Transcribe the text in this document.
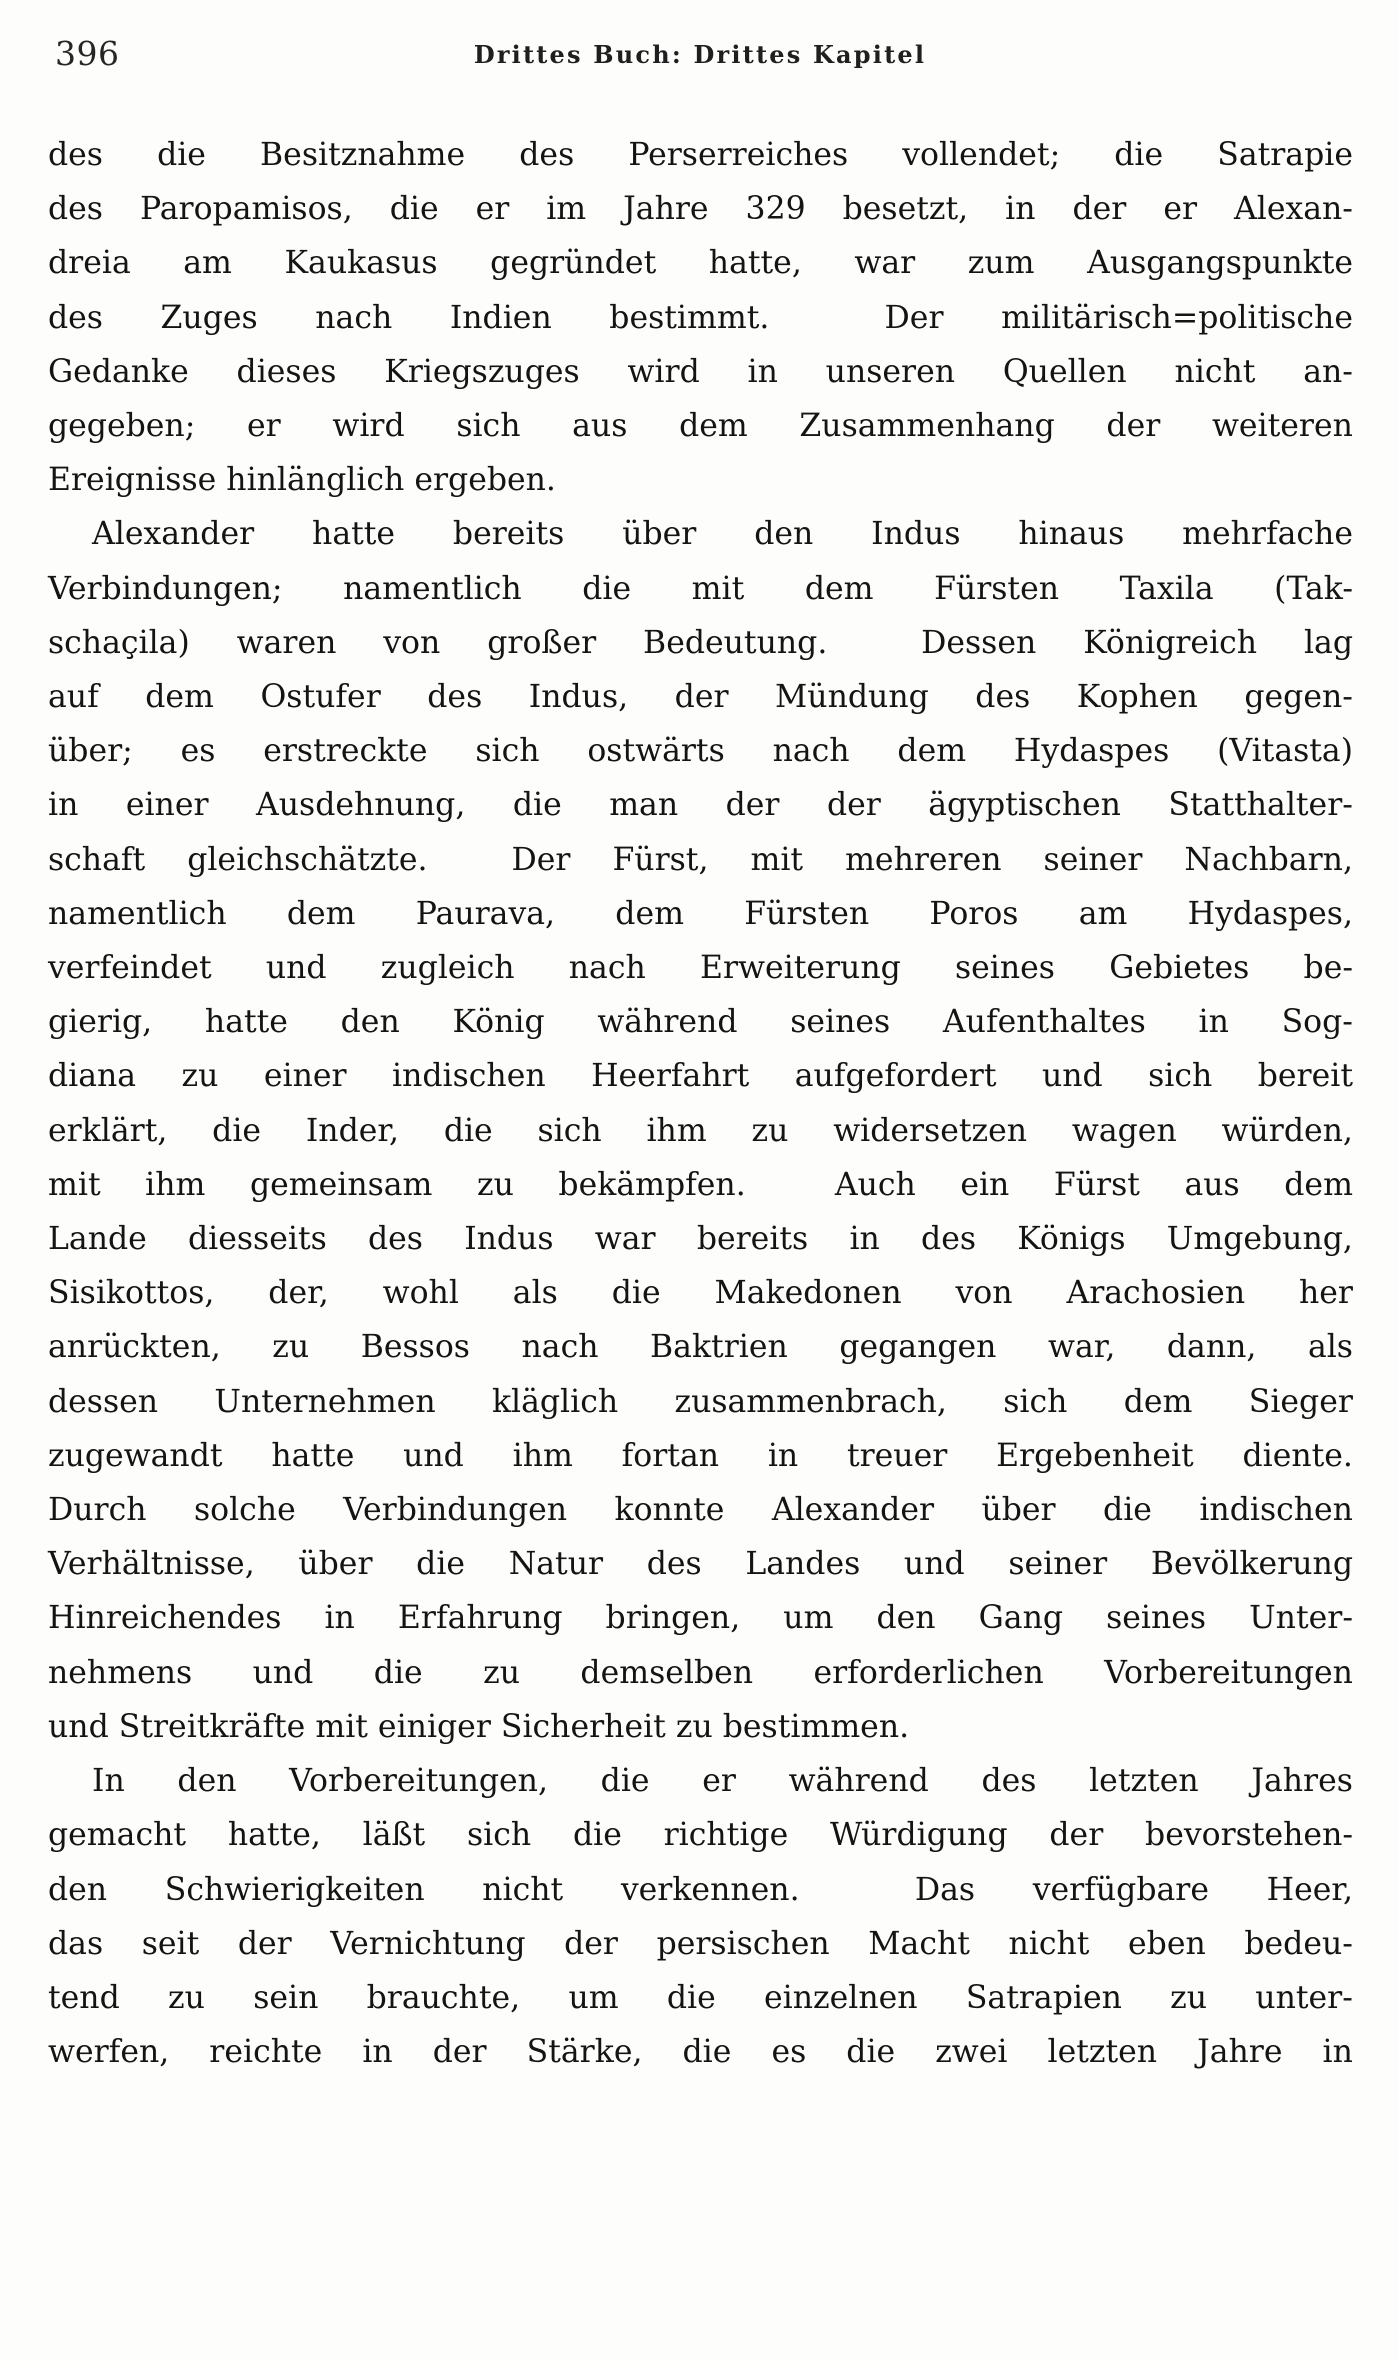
396	Drittes Buch: Drittes Kapitel

des die Besitznahme des Perserreiches vollendet; die Satrapie
des Paropamisos, die er im Jahre 329 besetzt, in der er Alexan-
dreia am Kaukasus gegründet hatte, war zum Ausgangspunkte
des Zuges nach Indien bestimmt.	Der militärisch=politische
Gedanke dieses Kriegszuges wird in unseren Quellen nicht an-
gegeben; er wird sich aus dem Zusammenhang der weiteren
Ereignisse hinlänglich ergeben.

Alexander hatte bereits über den Indus hinaus mehrfache
Verbindungen; namentlich die mit dem Fürsten Taxila (Tak-
schaçila) waren von großer Bedeutung.	Dessen Königreich lag
auf dem Ostufer des Indus, der Mündung des Kophen gegen-
über; es erstreckte sich ostwärts nach dem Hydaspes (Vitasta)
in einer Ausdehnung, die man der der ägyptischen Statthalter-
schaft gleichschätzte.	Der Fürst, mit mehreren seiner Nachbarn,
namentlich dem Paurava, dem Fürsten Poros am Hydaspes,
verfeindet und zugleich nach Erweiterung seines Gebietes be-
gierig, hatte den König während seines Aufenthaltes in Sog-
diana zu einer indischen Heerfahrt aufgefordert und sich bereit
erklärt, die Inder, die sich ihm zu widersetzen wagen würden,
mit ihm gemeinsam zu bekämpfen.	Auch ein Fürst aus dem
Lande diesseits des Indus war bereits in des Königs Umgebung,
Sisikottos, der, wohl als die Makedonen von Arachosien her
anrückten, zu Bessos nach Baktrien gegangen war, dann, als
dessen Unternehmen kläglich zusammenbrach, sich dem Sieger
zugewandt hatte und ihm fortan in treuer Ergebenheit diente.
Durch solche Verbindungen konnte Alexander über die indischen
Verhältnisse, über die Natur des Landes und seiner Bevölkerung
Hinreichendes in Erfahrung bringen, um den Gang seines Unter-
nehmens und die zu demselben erforderlichen Vorbereitungen
und Streitkräfte mit einiger Sicherheit zu bestimmen.

In den Vorbereitungen, die er während des letzten Jahres
gemacht hatte, läßt sich die richtige Würdigung der bevorstehen-
den Schwierigkeiten nicht verkennen.	Das verfügbare Heer,
das seit der Vernichtung der persischen Macht nicht eben bedeu-
tend zu sein brauchte, um die einzelnen Satrapien zu unter-
werfen, reichte in der Stärke, die es die zwei letzten Jahre in
